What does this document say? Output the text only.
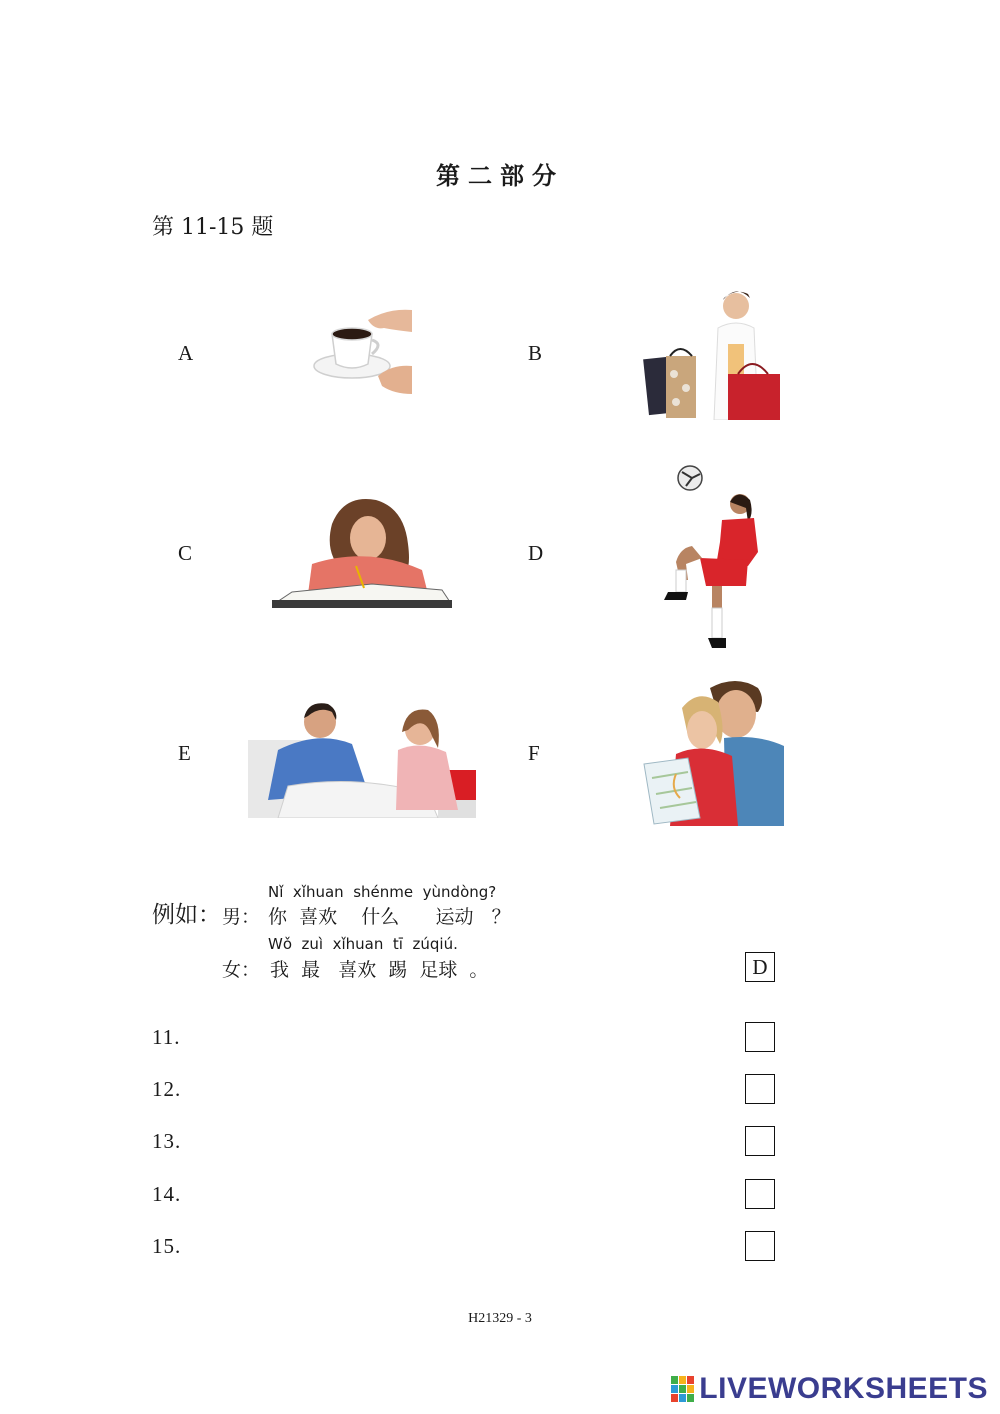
第二部分
第 11-15 题
A	B
C	D
E	F
例如：
Nǐ  xǐhuan  shénme  yùndòng?
男： 你  喜欢    什么      运动   ？
Wǒ  zuì  xǐhuan  tī  zúqiú.
女： 我  最   喜欢  踢  足球  。	D
11.
12.
13.
14.
15.
H21329 - 3
LIVEWORKSHEETS
